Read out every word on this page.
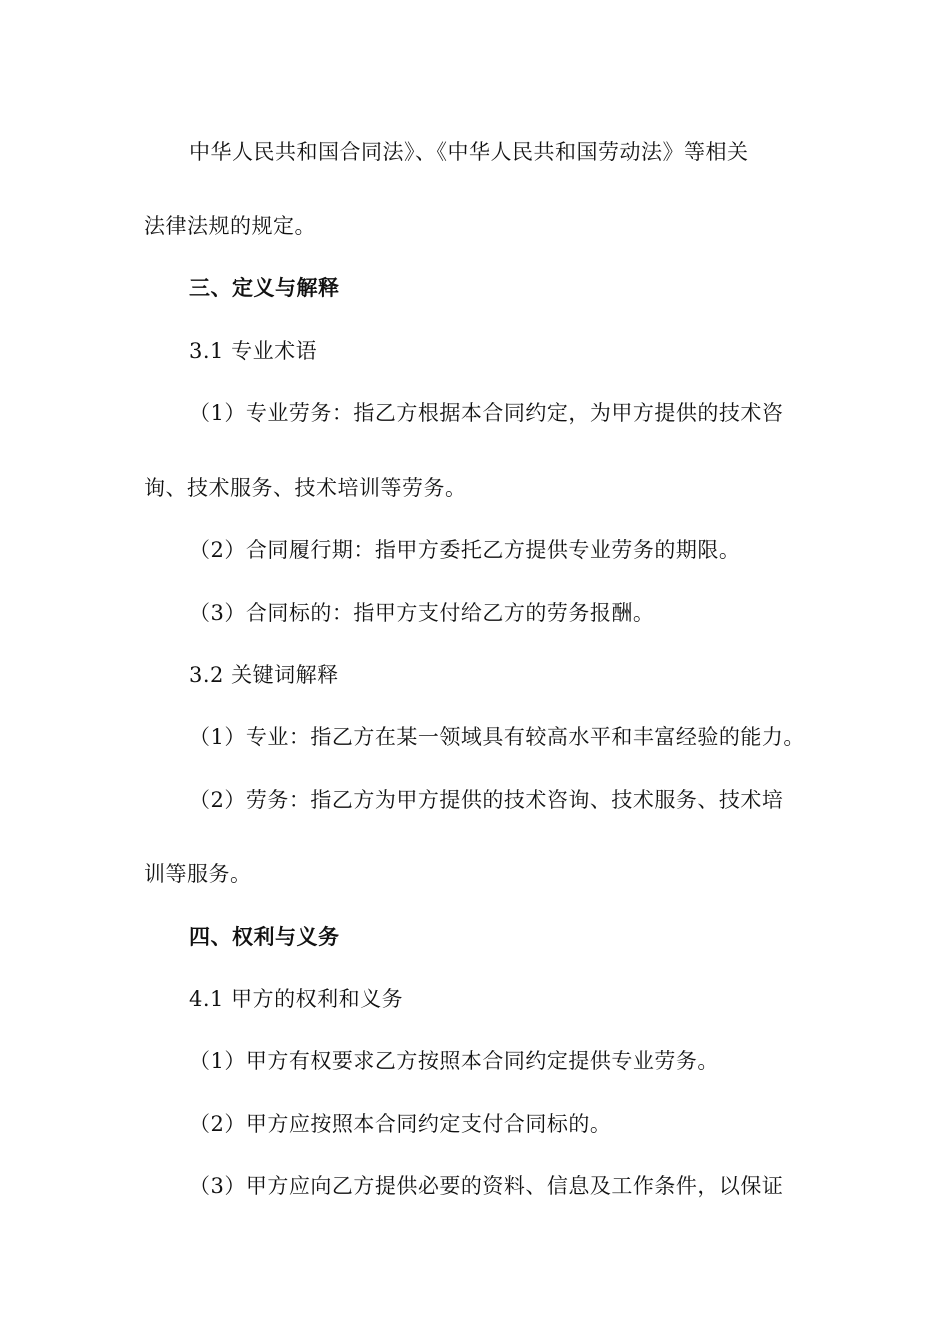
中华人民共和国合同法》、《中华人民共和国劳动法》等相关
法律法规的规定。
三、定义与解释
3.1 专业术语
（1）专业劳务：指乙方根据本合同约定，为甲方提供的技术咨
询、技术服务、技术培训等劳务。
（2）合同履行期：指甲方委托乙方提供专业劳务的期限。
（3）合同标的：指甲方支付给乙方的劳务报酬。
3.2 关键词解释
（1）专业：指乙方在某一领域具有较高水平和丰富经验的能力。
（2）劳务：指乙方为甲方提供的技术咨询、技术服务、技术培
训等服务。
四、权利与义务
4.1 甲方的权利和义务
（1）甲方有权要求乙方按照本合同约定提供专业劳务。
（2）甲方应按照本合同约定支付合同标的。
（3）甲方应向乙方提供必要的资料、信息及工作条件，以保证
